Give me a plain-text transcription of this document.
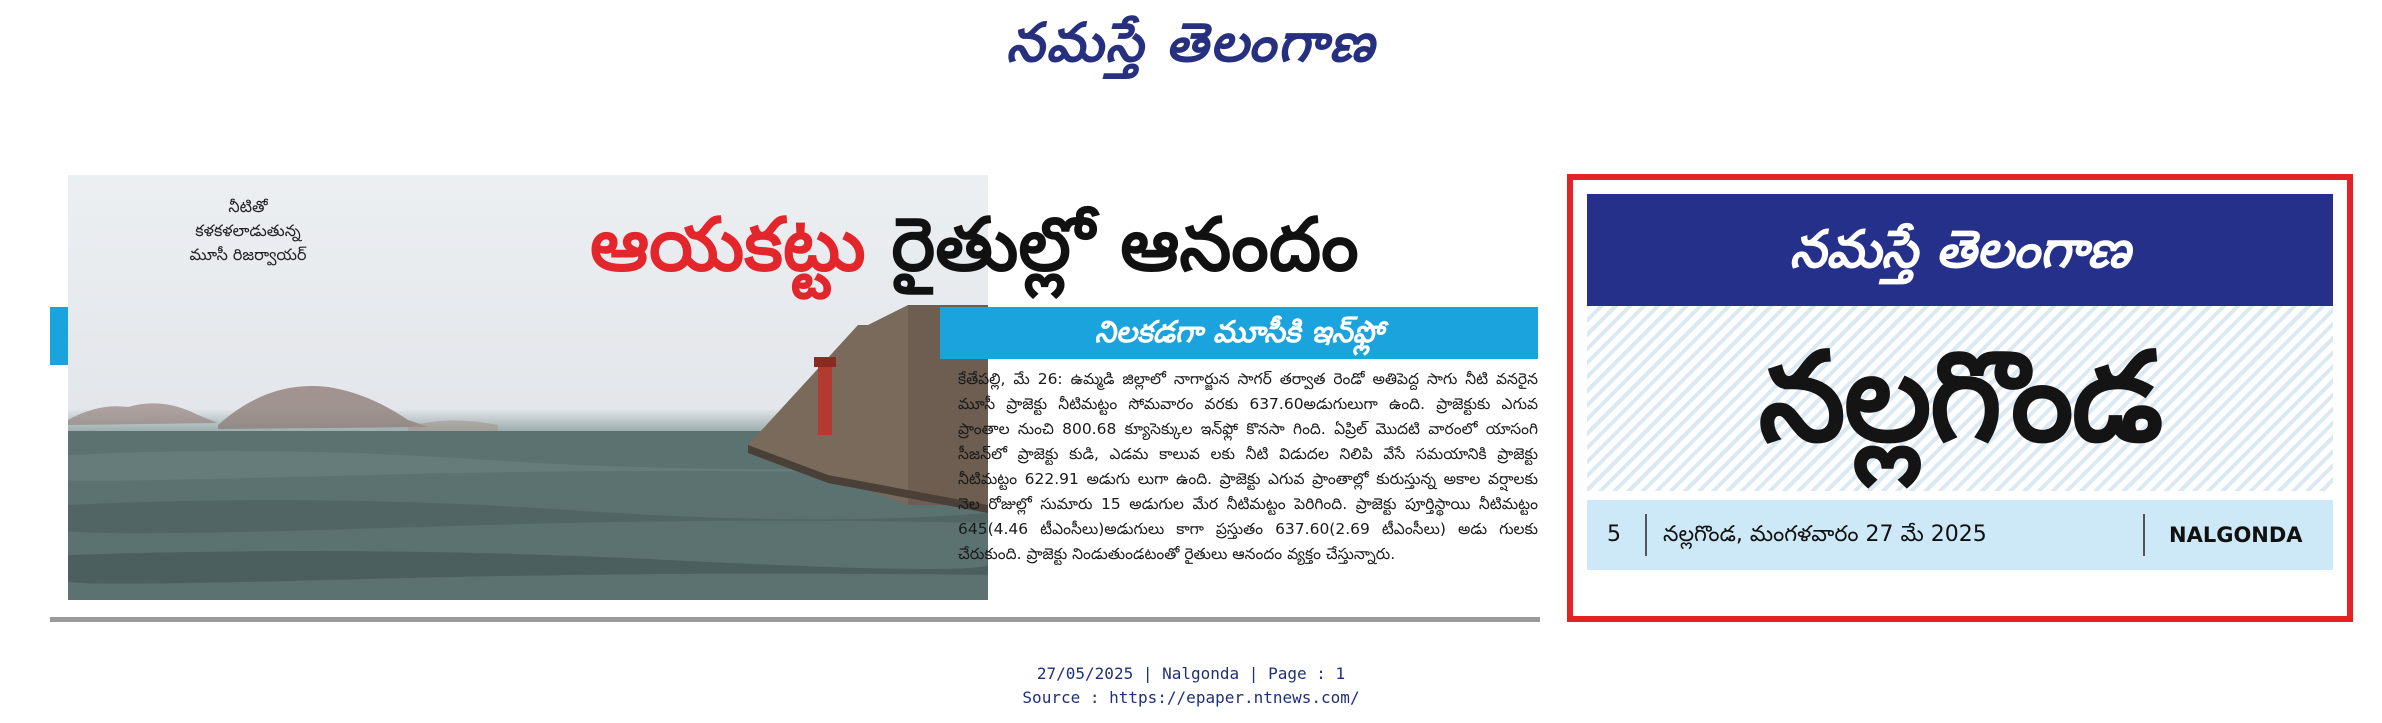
నమస్తే తెలంగాణ
నీటితో
కళకళలాడుతున్న
మూసీ రిజర్వాయర్	ఆయకట్టు రైతుల్లో ఆనందం
నిలకడగా మూసీకి ఇన్‌ఫ్లో
కేతేపల్లి, మే 26: ఉమ్మడి జిల్లాలో నాగార్జున సాగర్ తర్వాత రెండో అతిపెద్ద సాగు నీటి వనరైన మూసీ ప్రాజెక్టు నీటిమట్టం సోమవారం వరకు 637.60అడుగులుగా ఉంది. ప్రాజెక్టుకు ఎగువ ప్రాంతాల నుంచి 800.68 క్యూసెక్కుల ఇన్‌ఫ్లో కొనసా గింది. ఏప్రిల్ మొదటి వారంలో యాసంగి సీజన్‌లో ప్రాజెక్టు కుడి, ఎడమ కాలువ లకు నీటి విడుదల నిలిపి వేసే సమయానికి ప్రాజెక్టు నీటిమట్టం 622.91 అడుగు లుగా ఉంది. ప్రాజెక్టు ఎగువ ప్రాంతాల్లో కురుస్తున్న అకాల వర్షాలకు నెల రోజుల్లో సుమారు 15 అడుగుల మేర నీటిమట్టం పెరిగింది. ప్రాజెక్టు పూర్తిస్థాయి నీటిమట్టం 645(4.46 టీఎంసీలు)అడుగులు కాగా ప్రస్తుతం 637.60(2.69 టీఎంసీలు) అడు గులకు చేరుకుంది. ప్రాజెక్టు నిండుతుండటంతో రైతులు ఆనందం వ్యక్తం చేస్తున్నారు.
నమస్తే తెలంగాణ
నల్లగొండ
5 నల్లగొండ, మంగళవారం 27 మే 2025	NALGONDA
27/05/2025 | Nalgonda | Page : 1
Source : https://epaper.ntnews.com/
